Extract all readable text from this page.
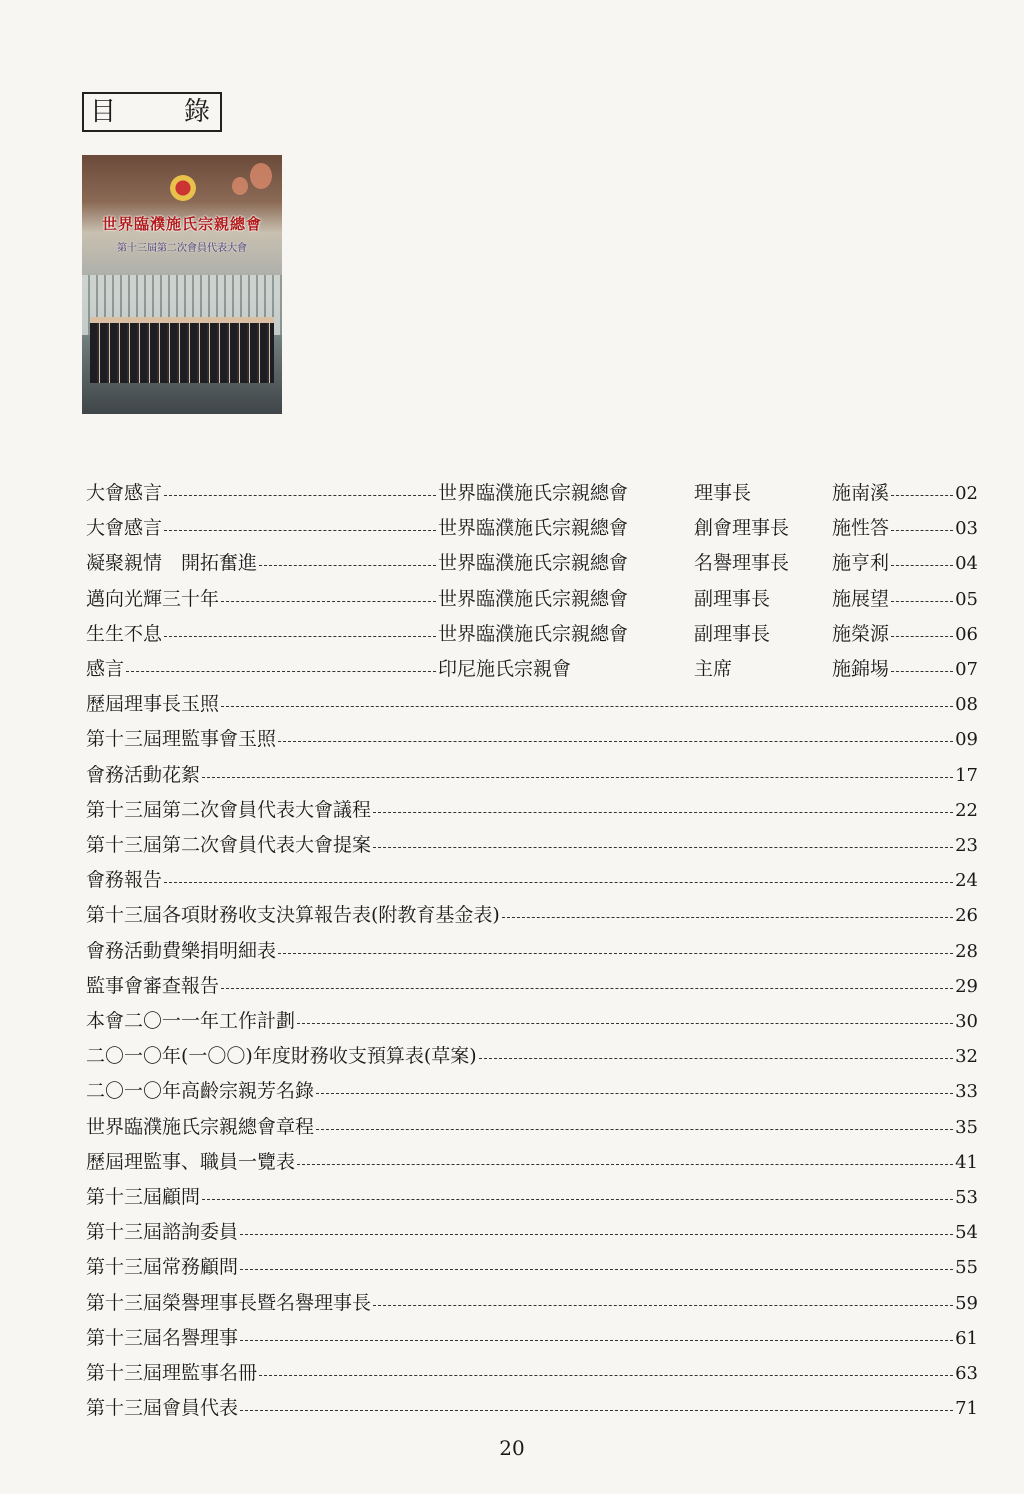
目	錄
世界臨濮施氏宗親總會
第十三屆第二次會員代表大會
大會感言	世界臨濮施氏宗親總會	理事長	施南溪	02
大會感言	世界臨濮施氏宗親總會	創會理事長 施性答	03
凝聚親情　開拓奮進	世界臨濮施氏宗親總會	名譽理事長 施亨利	04
邁向光輝三十年	世界臨濮施氏宗親總會	副理事長	施展望	05
生生不息	世界臨濮施氏宗親總會	副理事長	施榮源	06
感言	印尼施氏宗親會	主席	施錦埸	07
歷屆理事長玉照	08
第十三屆理監事會玉照	09
會務活動花絮	17
第十三屆第二次會員代表大會議程	22
第十三屆第二次會員代表大會提案	23
會務報告	24
第十三屆各項財務收支決算報告表(附教育基金表)	26
會務活動費樂捐明細表	28
監事會審查報告	29
本會二〇一一年工作計劃	30
二〇一〇年(一〇〇)年度財務收支預算表(草案)	32
二〇一〇年高齡宗親芳名錄	33
世界臨濮施氏宗親總會章程	35
歷屆理監事、職員一覽表	41
第十三屆顧問	53
第十三屆諮詢委員	54
第十三屆常務顧問	55
第十三屆榮譽理事長暨名譽理事長	59
第十三屆名譽理事	61
第十三屆理監事名冊	63
第十三屆會員代表	71
20
